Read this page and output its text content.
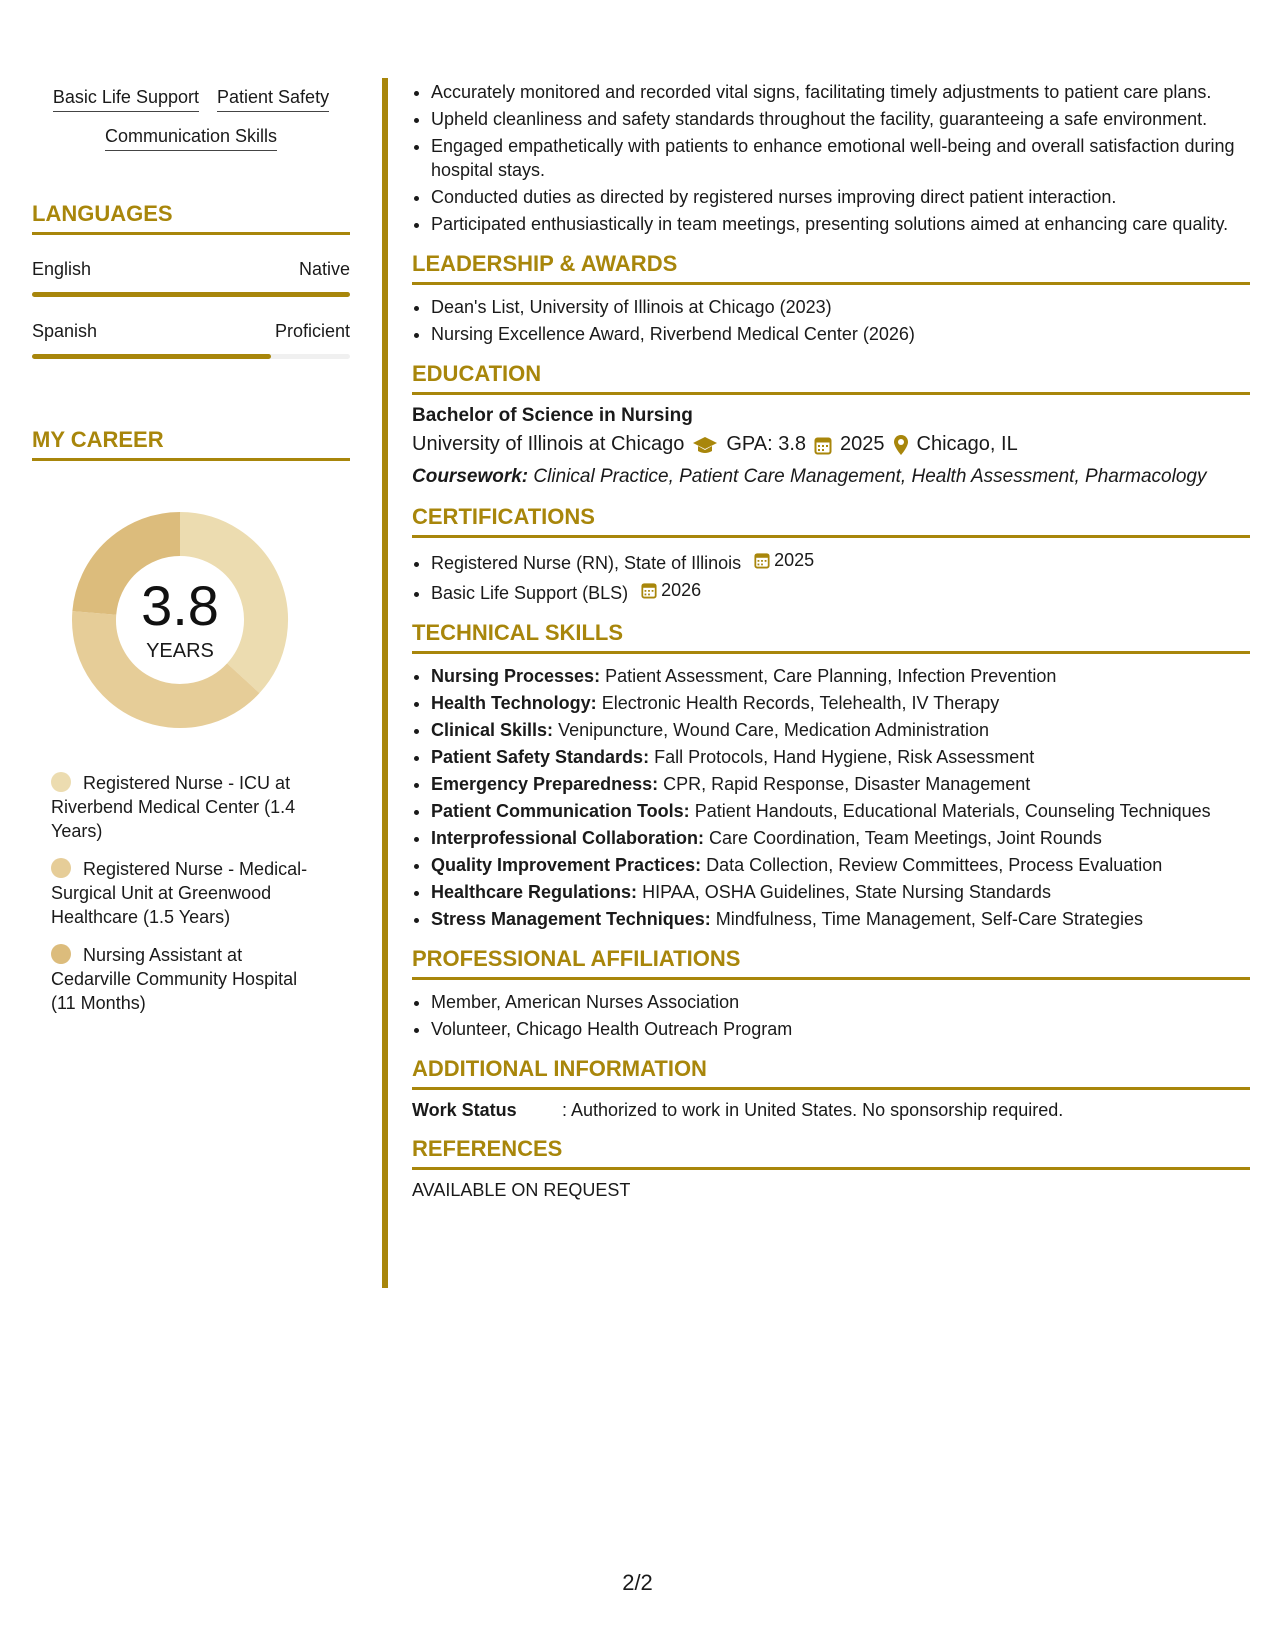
Basic Life Support Patient Safety
Communication Skills
LANGUAGES
English	Native
Spanish	Proficient
MY CAREER
3.8
YEARS
Registered Nurse - ICU at Riverbend Medical Center (1.4 Years)
Registered Nurse - Medical-Surgical Unit at Greenwood Healthcare (1.5 Years)
Nursing Assistant at Cedarville Community Hospital (11 Months)
• Accurately monitored and recorded vital signs, facilitating timely adjustments to patient care plans.
• Upheld cleanliness and safety standards throughout the facility, guaranteeing a safe environment.
• Engaged empathetically with patients to enhance emotional well-being and overall satisfaction during hospital stays.
• Conducted duties as directed by registered nurses improving direct patient interaction.
• Participated enthusiastically in team meetings, presenting solutions aimed at enhancing care quality.
LEADERSHIP & AWARDS
• Dean's List, University of Illinois at Chicago (2023)
• Nursing Excellence Award, Riverbend Medical Center (2026)
EDUCATION
Bachelor of Science in Nursing
University of Illinois at Chicago GPA: 3.8 2025 Chicago, IL
Coursework: Clinical Practice, Patient Care Management, Health Assessment, Pharmacology
CERTIFICATIONS
• Registered Nurse (RN), State of Illinois 2025
• Basic Life Support (BLS) 2026
TECHNICAL SKILLS
• Nursing Processes: Patient Assessment, Care Planning, Infection Prevention
• Health Technology: Electronic Health Records, Telehealth, IV Therapy
• Clinical Skills: Venipuncture, Wound Care, Medication Administration
• Patient Safety Standards: Fall Protocols, Hand Hygiene, Risk Assessment
• Emergency Preparedness: CPR, Rapid Response, Disaster Management
• Patient Communication Tools: Patient Handouts, Educational Materials, Counseling Techniques
• Interprofessional Collaboration: Care Coordination, Team Meetings, Joint Rounds
• Quality Improvement Practices: Data Collection, Review Committees, Process Evaluation
• Healthcare Regulations: HIPAA, OSHA Guidelines, State Nursing Standards
• Stress Management Techniques: Mindfulness, Time Management, Self-Care Strategies
PROFESSIONAL AFFILIATIONS
• Member, American Nurses Association
• Volunteer, Chicago Health Outreach Program
ADDITIONAL INFORMATION
Work Status	: Authorized to work in United States. No sponsorship required.
REFERENCES
AVAILABLE ON REQUEST
2/2
